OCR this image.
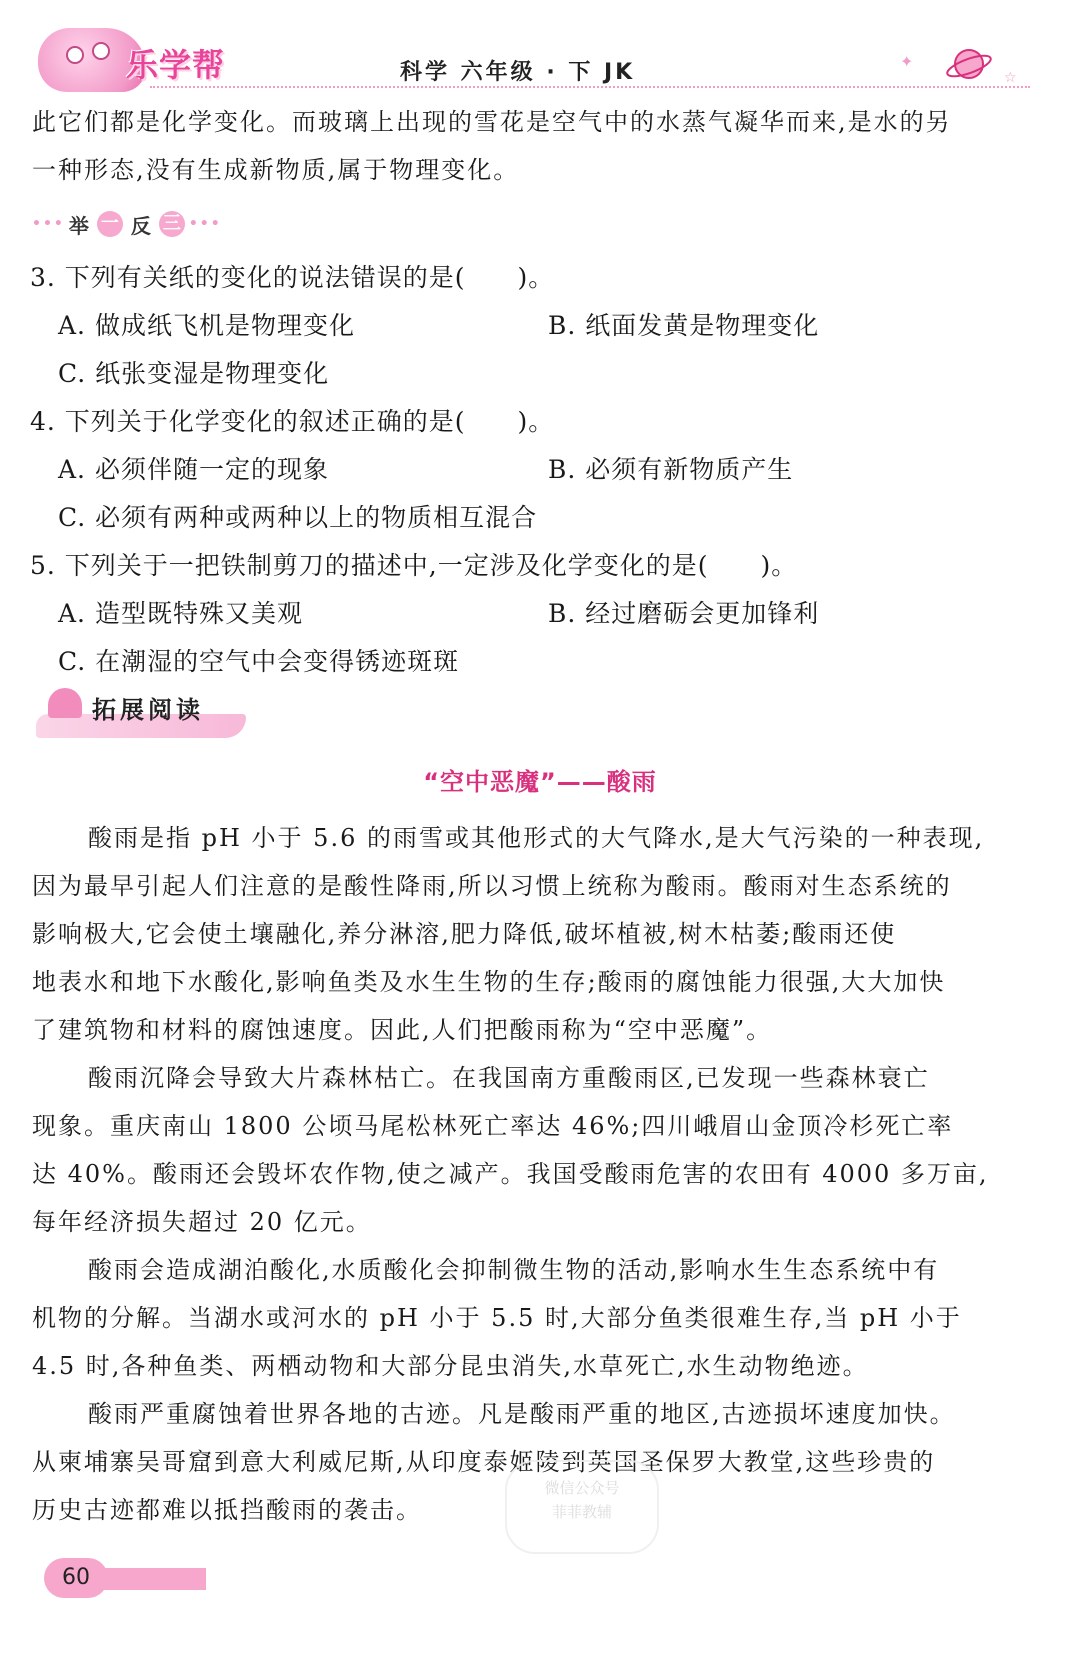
乐学帮	科学 六年级 · 下 JK	✦
☆
此它们都是化学变化。而玻璃上出现的雪花是空气中的水蒸气凝华而来,是水的另
一种形态,没有生成新物质,属于物理变化。
••• 举 一 反 三 •••
3. 下列有关纸的变化的说法错误的是(　　)。
A. 做成纸飞机是物理变化	B. 纸面发黄是物理变化
C. 纸张变湿是物理变化
4. 下列关于化学变化的叙述正确的是(　　)。
A. 必须伴随一定的现象	B. 必须有新物质产生
C. 必须有两种或两种以上的物质相互混合
5. 下列关于一把铁制剪刀的描述中,一定涉及化学变化的是(　　)。
A. 造型既特殊又美观	B. 经过磨砺会更加锋利
C. 在潮湿的空气中会变得锈迹斑斑
拓展阅读
“空中恶魔”——酸雨
酸雨是指 pH 小于 5.6 的雨雪或其他形式的大气降水,是大气污染的一种表现,
因为最早引起人们注意的是酸性降雨,所以习惯上统称为酸雨。酸雨对生态系统的
影响极大,它会使土壤融化,养分淋溶,肥力降低,破坏植被,树木枯萎;酸雨还使
地表水和地下水酸化,影响鱼类及水生生物的生存;酸雨的腐蚀能力很强,大大加快
了建筑物和材料的腐蚀速度。因此,人们把酸雨称为“空中恶魔”。
酸雨沉降会导致大片森林枯亡。在我国南方重酸雨区,已发现一些森林衰亡
现象。重庆南山 1800 公顷马尾松林死亡率达 46%;四川峨眉山金顶冷杉死亡率
达 40%。酸雨还会毁坏农作物,使之减产。我国受酸雨危害的农田有 4000 多万亩,
每年经济损失超过 20 亿元。
酸雨会造成湖泊酸化,水质酸化会抑制微生物的活动,影响水生生态系统中有
机物的分解。当湖水或河水的 pH 小于 5.5 时,大部分鱼类很难生存,当 pH 小于
4.5 时,各种鱼类、两栖动物和大部分昆虫消失,水草死亡,水生动物绝迹。
酸雨严重腐蚀着世界各地的古迹。凡是酸雨严重的地区,古迹损坏速度加快。
从柬埔寨吴哥窟到意大利威尼斯,从印度泰姬陵到英国圣保罗大教堂,这些珍贵的
历史古迹都难以抵挡酸雨的袭击。
微信公众号
菲菲教辅
60
